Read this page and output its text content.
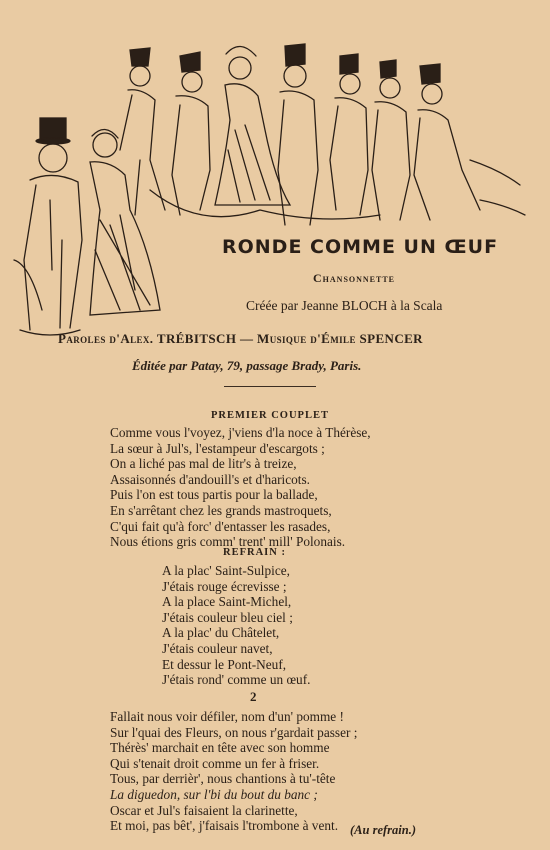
RONDE COMME UN ŒUF
Chansonnette
Créée par Jeanne BLOCH à la Scala
Paroles d'Alex. TRÉBITSCH — Musique d'Émile SPENCER
Éditée par Patay, 79, passage Brady, Paris.
PREMIER COUPLET
Comme vous l'voyez, j'viens d'la noce à Thérèse,
La sœur à Jul's, l'estampeur d'escargots ;
On a liché pas mal de litr's à treize,
Assaisonnés d'andouill's et d'haricots.
Puis l'on est tous partis pour la ballade,
En s'arrêtant chez les grands mastroquets,
C'qui fait qu'à forc' d'entasser les rasades,
Nous étions gris comm' trent' mill' Polonais.
REFRAIN :
A la plac' Saint-Sulpice,
J'étais rouge écrevisse ;
A la place Saint-Michel,
J'étais couleur bleu ciel ;
A la plac' du Châtelet,
J'étais couleur navet,
Et dessur le Pont-Neuf,
J'étais rond' comme un œuf.
2
Fallait nous voir défiler, nom d'un' pomme !
Sur l'quai des Fleurs, on nous r'gardait passer ;
Thérès' marchait en tête avec son homme
Qui s'tenait droit comme un fer à friser.
Tous, par derrièr', nous chantions à tu'-tête
La diguedon, sur l'bi du bout du banc ;
Oscar et Jul's faisaient la clarinette,
Et moi, pas bêt', j'faisais l'trombone à vent. (Au refrain.)
